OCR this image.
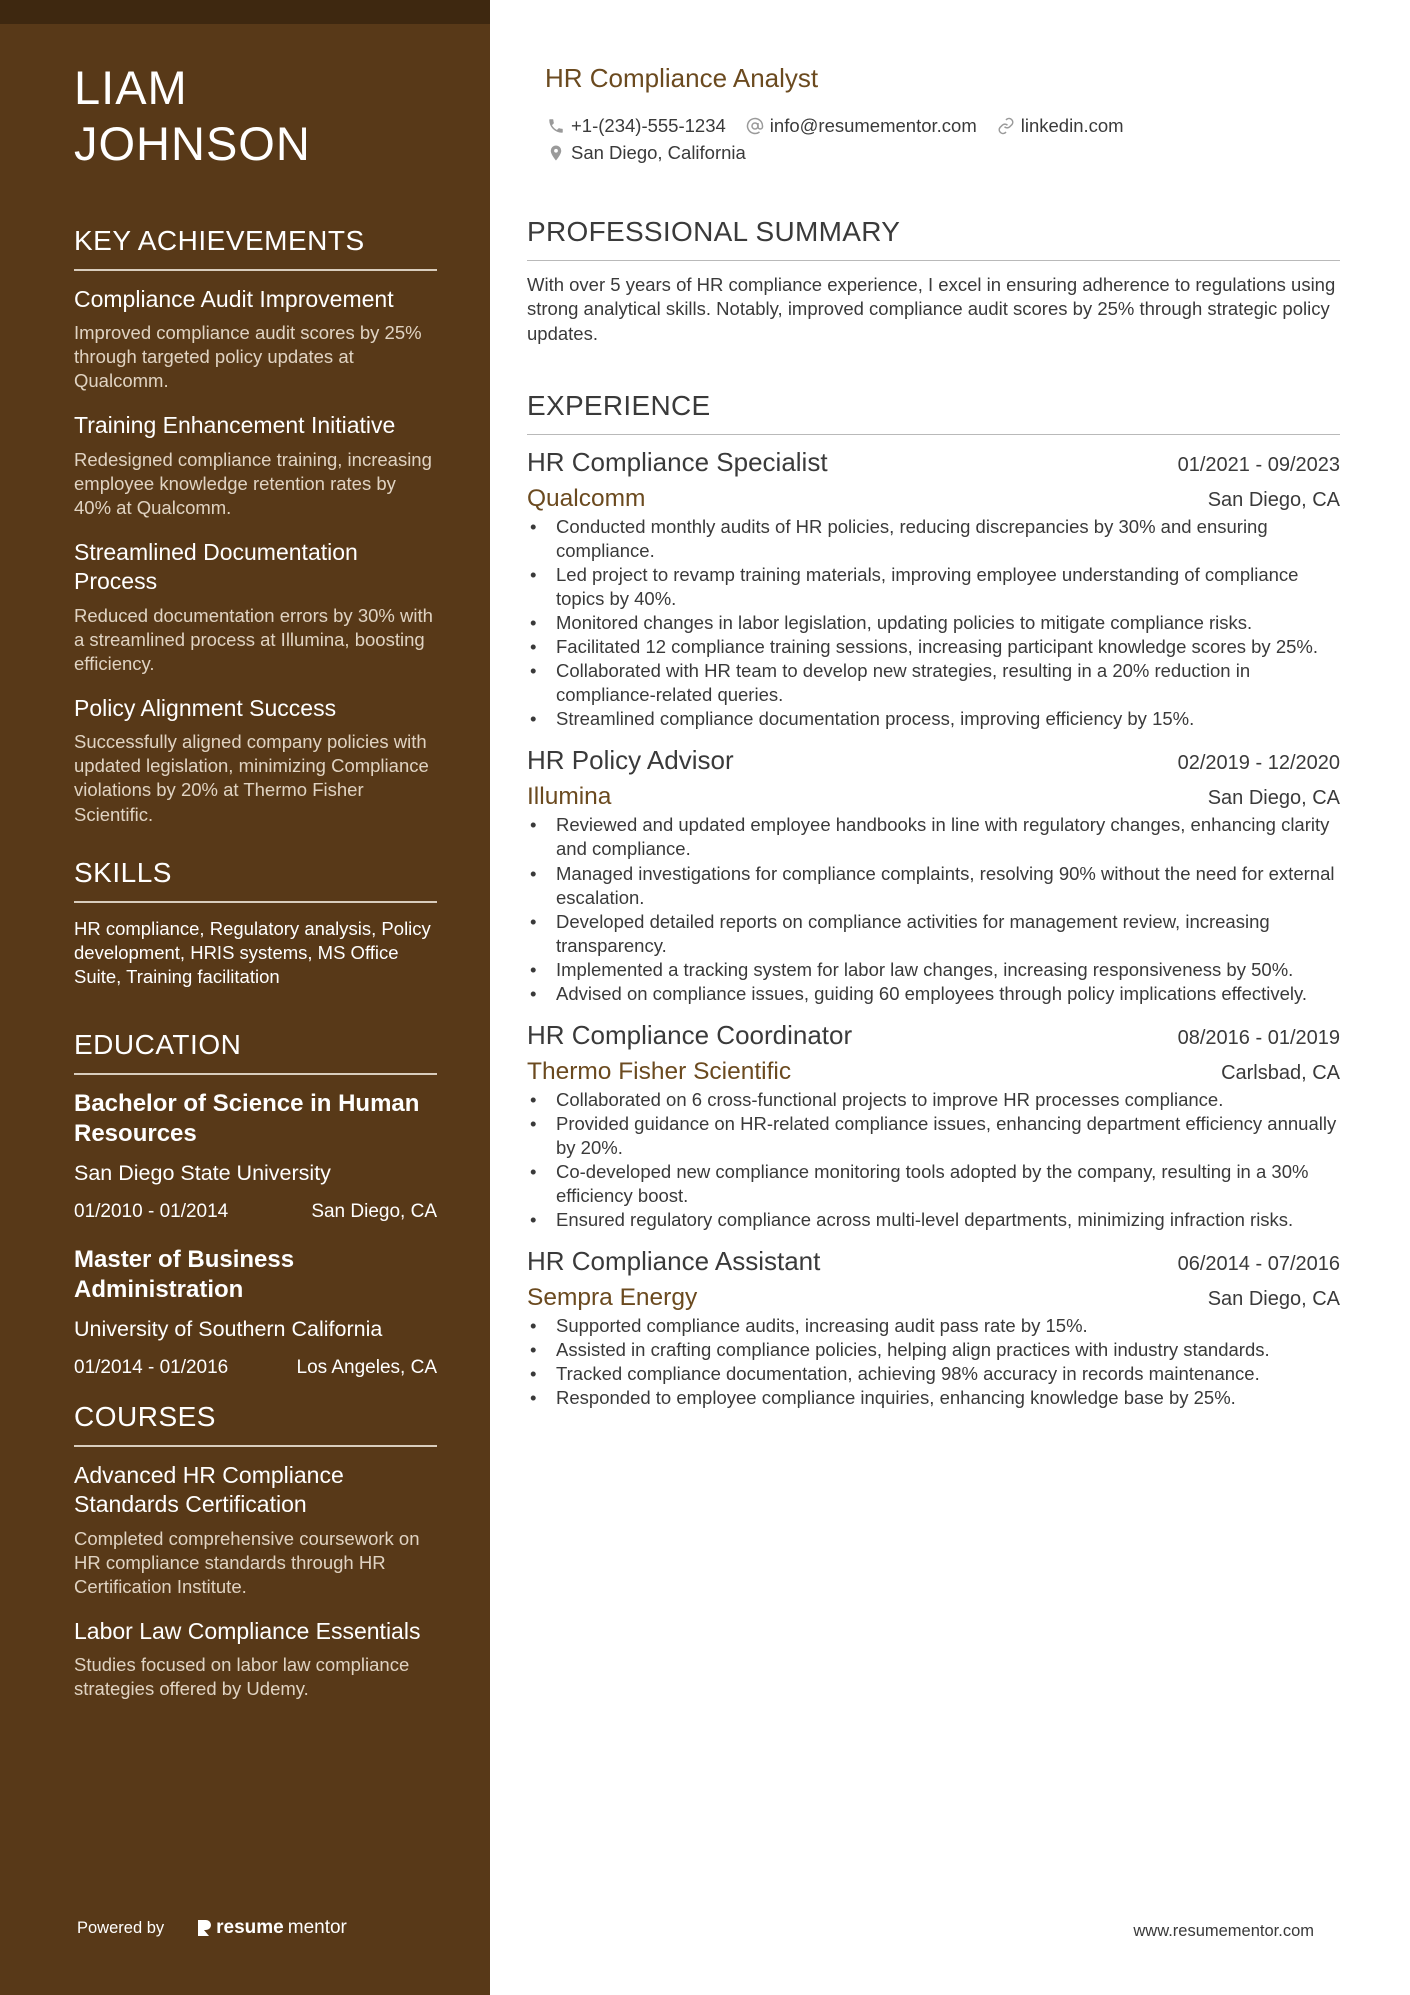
LIAM JOHNSON
KEY ACHIEVEMENTS
Compliance Audit Improvement
Improved compliance audit scores by 25% through targeted policy updates at Qualcomm.
Training Enhancement Initiative
Redesigned compliance training, increasing employee knowledge retention rates by 40% at Qualcomm.
Streamlined Documentation Process
Reduced documentation errors by 30% with a streamlined process at Illumina, boosting efficiency.
Policy Alignment Success
Successfully aligned company policies with updated legislation, minimizing Compliance violations by 20% at Thermo Fisher Scientific.
SKILLS
HR compliance, Regulatory analysis, Policy development, HRIS systems, MS Office Suite, Training facilitation
EDUCATION
Bachelor of Science in Human Resources
San Diego State University
01/2010 - 01/2014	San Diego, CA
Master of Business Administration
University of Southern California
01/2014 - 01/2016	Los Angeles, CA
COURSES
Advanced HR Compliance Standards Certification
Completed comprehensive coursework on HR compliance standards through HR Certification Institute.
Labor Law Compliance Essentials
Studies focused on labor law compliance strategies offered by Udemy.
Powered by	resume mentor
HR Compliance Analyst
+1-(234)-555-1234 info@resumementor.com linkedin.com
San Diego, California
PROFESSIONAL SUMMARY

With over 5 years of HR compliance experience, I excel in ensuring adherence to regulations using strong analytical skills. Notably, improved compliance audit scores by 25% through strategic policy updates.

EXPERIENCE
HR Compliance Specialist	01/2021 - 09/2023
Qualcomm	San Diego, CA
• Conducted monthly audits of HR policies, reducing discrepancies by 30% and ensuring compliance.
• Led project to revamp training materials, improving employee understanding of compliance topics by 40%.
• Monitored changes in labor legislation, updating policies to mitigate compliance risks.
• Facilitated 12 compliance training sessions, increasing participant knowledge scores by 25%.
• Collaborated with HR team to develop new strategies, resulting in a 20% reduction in compliance-related queries.
• Streamlined compliance documentation process, improving efficiency by 15%.
HR Policy Advisor	02/2019 - 12/2020
Illumina	San Diego, CA
• Reviewed and updated employee handbooks in line with regulatory changes, enhancing clarity and compliance.
• Managed investigations for compliance complaints, resolving 90% without the need for external escalation.
• Developed detailed reports on compliance activities for management review, increasing transparency.
• Implemented a tracking system for labor law changes, increasing responsiveness by 50%.
• Advised on compliance issues, guiding 60 employees through policy implications effectively.
HR Compliance Coordinator	08/2016 - 01/2019
Thermo Fisher Scientific	Carlsbad, CA
• Collaborated on 6 cross-functional projects to improve HR processes compliance.
• Provided guidance on HR-related compliance issues, enhancing department efficiency annually by 20%.
• Co-developed new compliance monitoring tools adopted by the company, resulting in a 30% efficiency boost.
• Ensured regulatory compliance across multi-level departments, minimizing infraction risks.
HR Compliance Assistant	06/2014 - 07/2016
Sempra Energy	San Diego, CA
• Supported compliance audits, increasing audit pass rate by 15%.
• Assisted in crafting compliance policies, helping align practices with industry standards.
• Tracked compliance documentation, achieving 98% accuracy in records maintenance.
• Responded to employee compliance inquiries, enhancing knowledge base by 25%.
www.resumementor.com
